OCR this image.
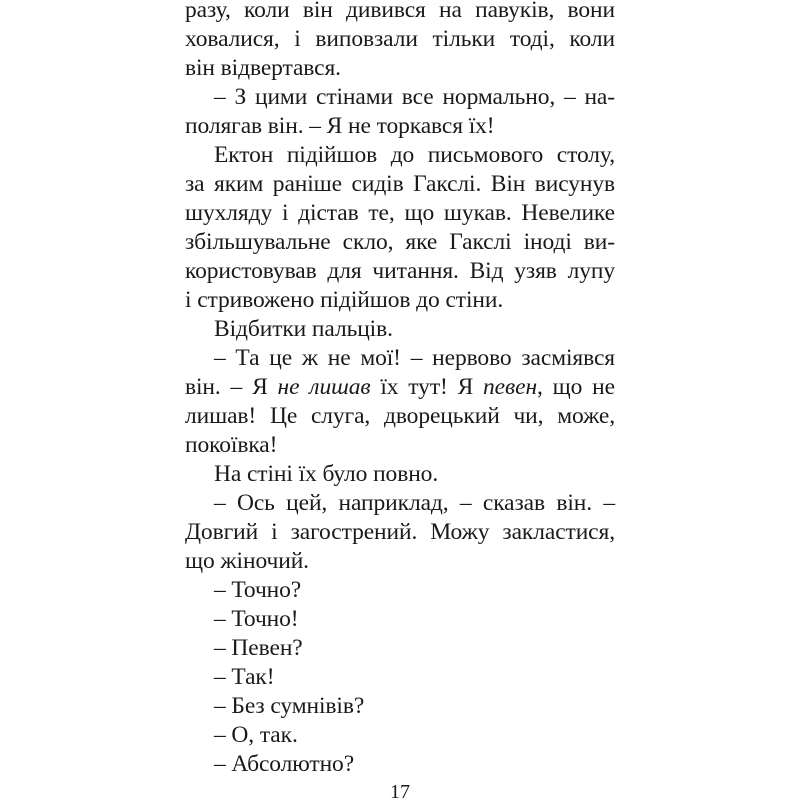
разу, коли він дивився на павуків, вони
ховалися, і виповзали тільки тоді, коли
він відвертався.
– З цими стінами все нормально, – на-
полягав він. – Я не торкався їх!
Ектон підійшов до письмового столу,
за яким раніше сидів Гакслі. Він висунув
шухляду і дістав те, що шукав. Невелике
збільшувальне скло, яке Гакслі іноді ви-
користовував для читання. Від узяв лупу
і стривожено підійшов до стіни.
Відбитки пальців.
– Та це ж не мої! – нервово засміявся
він. – Я не лишав їх тут! Я певен, що не
лишав! Це слуга, дворецький чи, може,
покоївка!
На стіні їх було повно.
– Ось цей, наприклад, – сказав він. –
Довгий і загострений. Можу закластися,
що жіночий.
– Точно?
– Точно!
– Певен?
– Так!
– Без сумнівів?
– О, так.
– Абсолютно?
17
